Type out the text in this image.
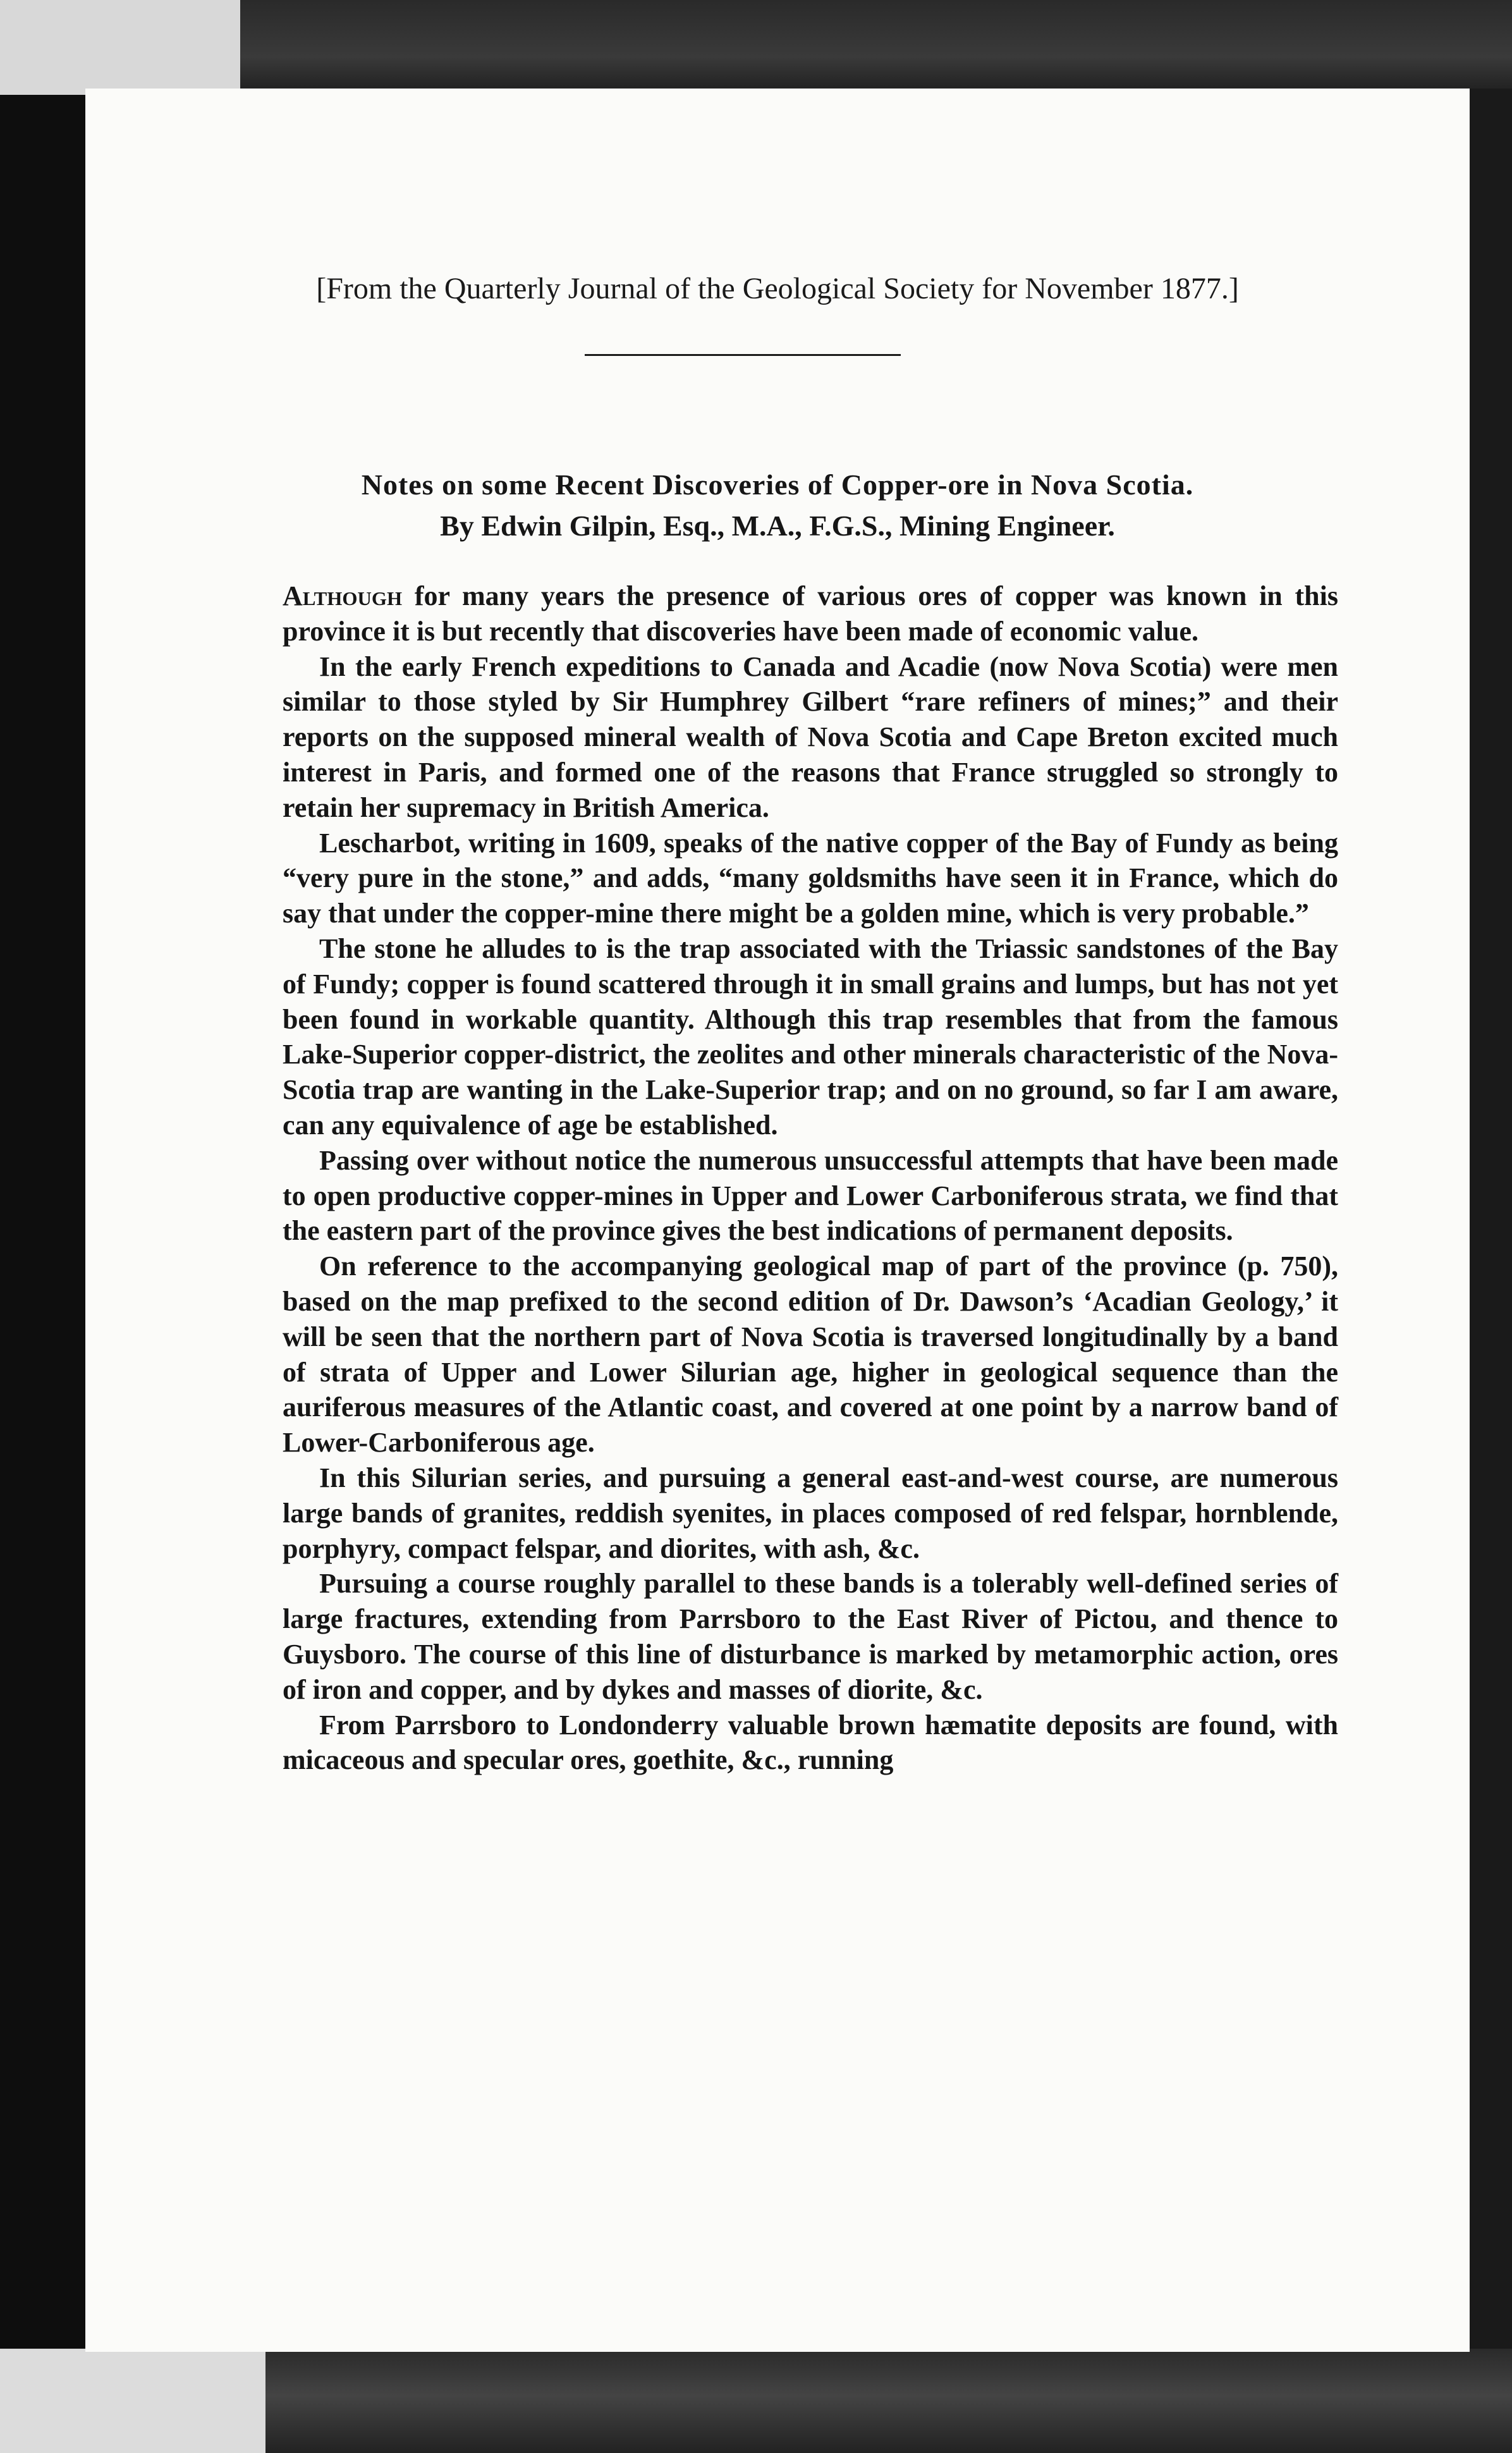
[From the Quarterly Journal of the Geological Society for November 1877.]
Notes on some Recent Discoveries of Copper-ore in Nova Scotia.
By Edwin Gilpin, Esq., M.A., F.G.S., Mining Engineer.

Although for many years the presence of various ores of copper was known in this province it is but recently that discoveries have been made of economic value.

In the early French expeditions to Canada and Acadie (now Nova Scotia) were men similar to those styled by Sir Humphrey Gilbert “rare refiners of mines;” and their reports on the supposed mineral wealth of Nova Scotia and Cape Breton excited much interest in Paris, and formed one of the reasons that France struggled so strongly to retain her supremacy in British America.

Lescharbot, writing in 1609, speaks of the native copper of the Bay of Fundy as being “very pure in the stone,” and adds, “many goldsmiths have seen it in France, which do say that under the copper-mine there might be a golden mine, which is very probable.”

The stone he alludes to is the trap associated with the Triassic sandstones of the Bay of Fundy; copper is found scattered through it in small grains and lumps, but has not yet been found in workable quantity. Although this trap resembles that from the famous Lake-Superior copper-district, the zeolites and other minerals characteristic of the Nova-Scotia trap are wanting in the Lake-Superior trap; and on no ground, so far I am aware, can any equivalence of age be established.

Passing over without notice the numerous unsuccessful attempts that have been made to open productive copper-mines in Upper and Lower Carboniferous strata, we find that the eastern part of the province gives the best indications of permanent deposits.

On reference to the accompanying geological map of part of the province (p. 750), based on the map prefixed to the second edition of Dr. Dawson’s ‘Acadian Geology,’ it will be seen that the northern part of Nova Scotia is traversed longitudinally by a band of strata of Upper and Lower Silurian age, higher in geological sequence than the auriferous measures of the Atlantic coast, and covered at one point by a narrow band of Lower-Carboniferous age.

In this Silurian series, and pursuing a general east-and-west course, are numerous large bands of granites, reddish syenites, in places composed of red felspar, hornblende, porphyry, compact felspar, and diorites, with ash, &c.

Pursuing a course roughly parallel to these bands is a tolerably well-defined series of large fractures, extending from Parrsboro to the East River of Pictou, and thence to Guysboro. The course of this line of disturbance is marked by metamorphic action, ores of iron and copper, and by dykes and masses of diorite, &c.

From Parrsboro to Londonderry valuable brown hæmatite deposits are found, with micaceous and specular ores, goethite, &c., running
